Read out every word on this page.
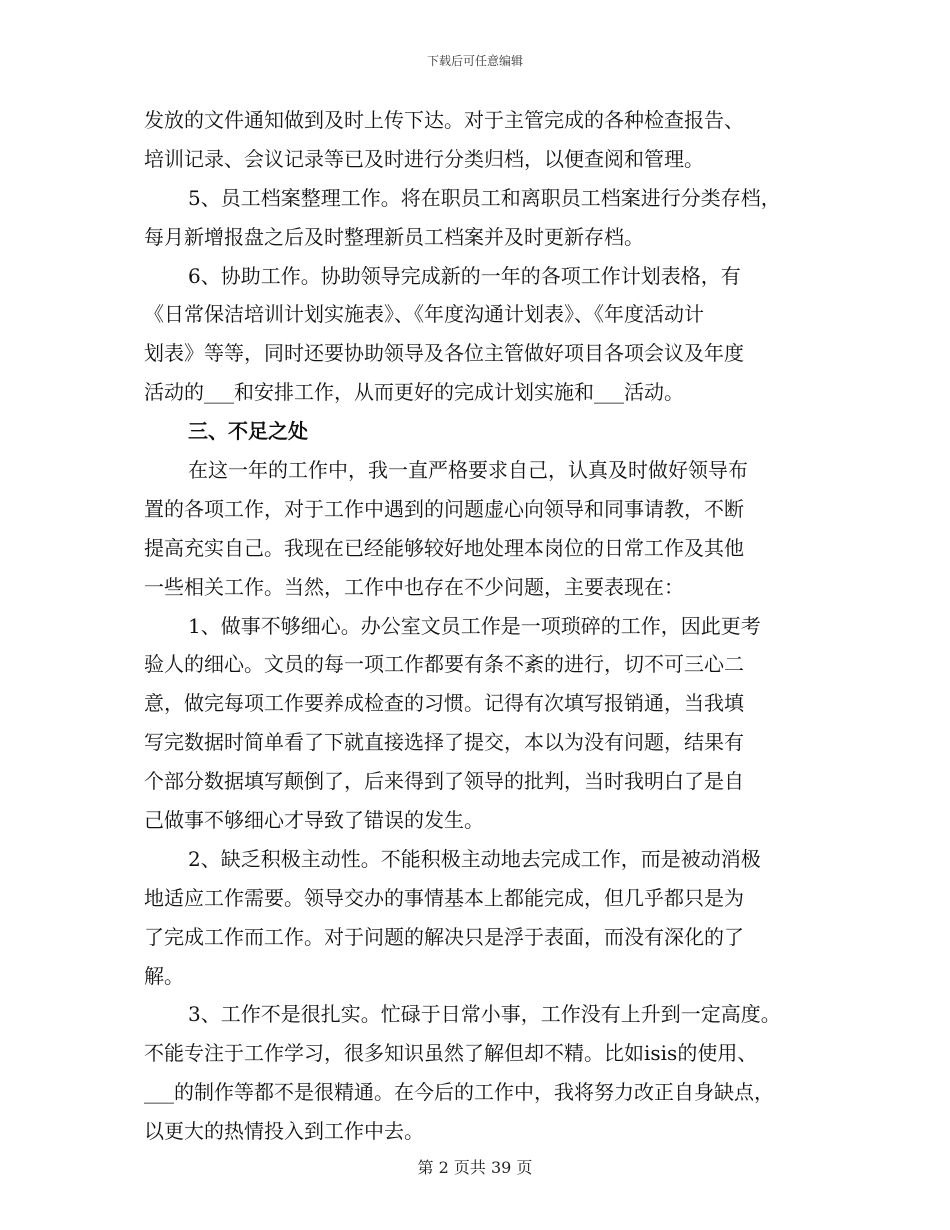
下载后可任意编辑
发放的文件通知做到及时上传下达。对于主管完成的各种检查报告、
培训记录、会议记录等已及时进行分类归档，以便查阅和管理。
5、员工档案整理工作。将在职员工和离职员工档案进行分类存档，
每月新增报盘之后及时整理新员工档案并及时更新存档。
6、协助工作。协助领导完成新的一年的各项工作计划表格，有
《日常保洁培训计划实施表》、《年度沟通计划表》、《年度活动计
划表》等等，同时还要协助领导及各位主管做好项目各项会议及年度
活动的___和安排工作，从而更好的完成计划实施和___活动。
三、不足之处
在这一年的工作中，我一直严格要求自己，认真及时做好领导布
置的各项工作，对于工作中遇到的问题虚心向领导和同事请教，不断
提高充实自己。我现在已经能够较好地处理本岗位的日常工作及其他
一些相关工作。当然，工作中也存在不少问题，主要表现在：
1、做事不够细心。办公室文员工作是一项琐碎的工作，因此更考
验人的细心。文员的每一项工作都要有条不紊的进行，切不可三心二
意，做完每项工作要养成检查的习惯。记得有次填写报销通，当我填
写完数据时简单看了下就直接选择了提交，本以为没有问题，结果有
个部分数据填写颠倒了，后来得到了领导的批判，当时我明白了是自
己做事不够细心才导致了错误的发生。
2、缺乏积极主动性。不能积极主动地去完成工作，而是被动消极
地适应工作需要。领导交办的事情基本上都能完成，但几乎都只是为
了完成工作而工作。对于问题的解决只是浮于表面，而没有深化的了
解。
3、工作不是很扎实。忙碌于日常小事，工作没有上升到一定高度。
不能专注于工作学习，很多知识虽然了解但却不精。比如isis的使用、
___的制作等都不是很精通。在今后的工作中，我将努力改正自身缺点，
以更大的热情投入到工作中去。
第 2 页共 39 页
